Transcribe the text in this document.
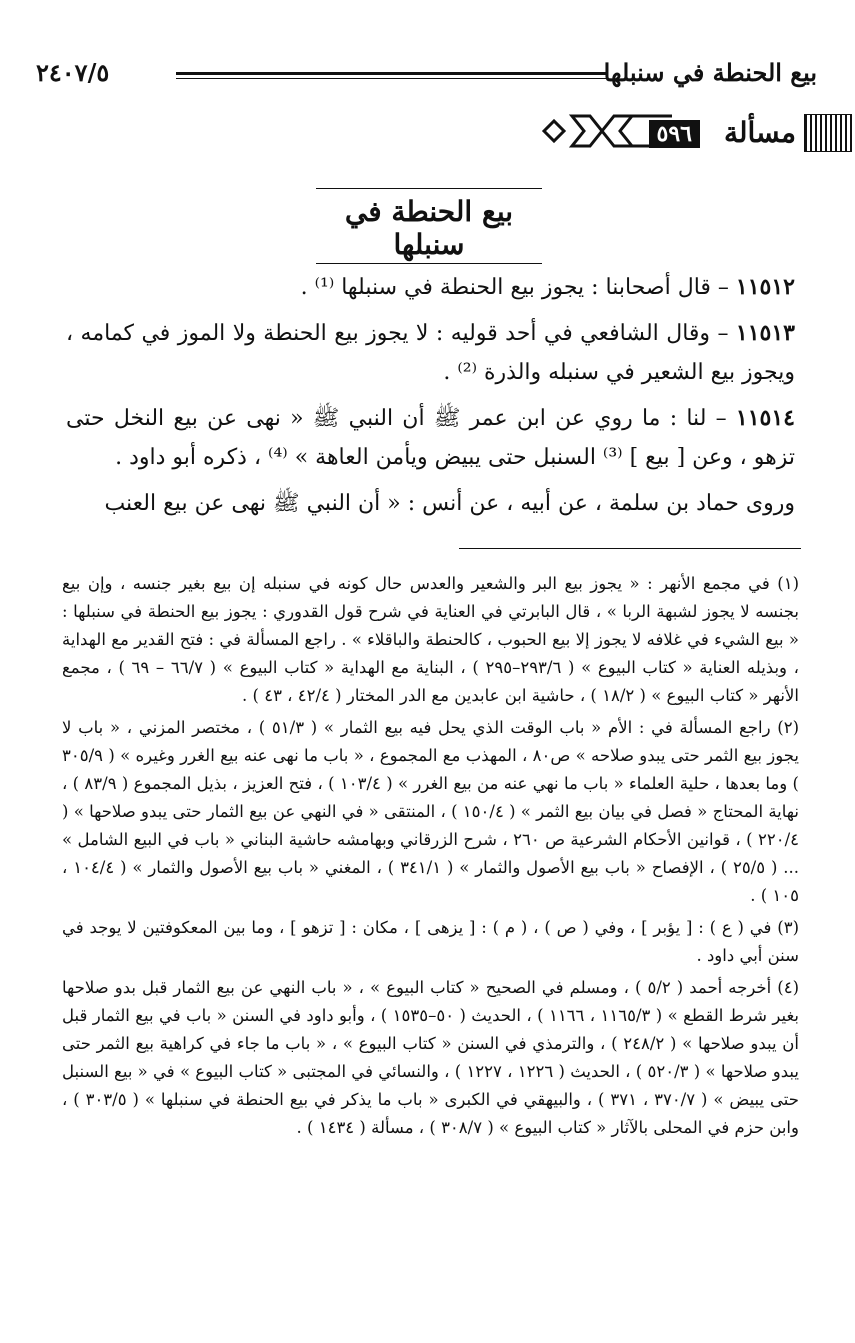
بيع الحنطة في سنبلها
٢٤٠٧/٥
مسألة
٥٩٦
بيع الحنطة في سنبلها

١١٥١٢ – قال أصحابنا : يجوز بيع الحنطة في سنبلها ⁽¹⁾ .

١١٥١٣ – وقال الشافعي في أحد قوليه : لا يجوز بيع الحنطة ولا الموز في كمامه ، ويجوز بيع الشعير في سنبله والذرة ⁽²⁾ .

١١٥١٤ – لنا : ما روي عن ابن عمر ﷺ أن النبي ﷺ « نهى عن بيع النخل حتى تزهو ، وعن [ بيع ] ⁽³⁾ السنبل حتى يبيض ويأمن العاهة » ⁽⁴⁾ ، ذكره أبو داود .

وروى حماد بن سلمة ، عن أبيه ، عن أنس : « أن النبي ﷺ نهى عن بيع العنب

(١) في مجمع الأنهر : « يجوز بيع البر والشعير والعدس حال كونه في سنبله إن بيع بغير جنسه ، وإن بيع بجنسه لا يجوز لشبهة الربا » ، قال البابرتي في العناية في شرح قول القدوري : يجوز بيع الحنطة في سنبلها : « بيع الشيء في غلافه لا يجوز إلا بيع الحبوب ، كالحنطة والباقلاء » . راجع المسألة في : فتح القدير مع الهداية ، وبذيله العناية « كتاب البيوع » ( ٢٩٣/٦–٢٩٥ ) ، البناية مع الهداية « كتاب البيوع » ( ٦٦/٧ – ٦٩ ) ، مجمع الأنهر « كتاب البيوع » ( ١٨/٢ ) ، حاشية ابن عابدين مع الدر المختار ( ٤٢/٤ ، ٤٣ ) .

(٢) راجع المسألة في : الأم « باب الوقت الذي يحل فيه بيع الثمار » ( ٥١/٣ ) ، مختصر المزني ، « باب لا يجوز بيع الثمر حتى يبدو صلاحه » ص٨٠ ، المهذب مع المجموع ، « باب ما نهى عنه بيع الغرر وغيره » ( ٣٠٥/٩ ) وما بعدها ، حلية العلماء « باب ما نهي عنه من بيع الغرر » ( ١٠٣/٤ ) ، فتح العزيز ، بذيل المجموع ( ٨٣/٩ ) ، نهاية المحتاج « فصل في بيان بيع الثمر » ( ١٥٠/٤ ) ، المنتقى « في النهي عن بيع الثمار حتى يبدو صلاحها » ( ٢٢٠/٤ ) ، قوانين الأحكام الشرعية ص ٢٦٠ ، شرح الزرقاني وبهامشه حاشية البناني « باب في البيع الشامل » ... ( ٢٥/٥ ) ، الإفصاح « باب بيع الأصول والثمار » ( ٣٤١/١ ) ، المغني « باب بيع الأصول والثمار » ( ١٠٤/٤ ، ١٠٥ ) .

(٣) في ( ع ) : [ يؤبر ] ، وفي ( ص ) ، ( م ) : [ يزهى ] ، مكان : [ تزهو ] ، وما بين المعكوفتين لا يوجد في سنن أبي داود .

(٤) أخرجه أحمد ( ٥/٢ ) ، ومسلم في الصحيح « كتاب البيوع » ، « باب النهي عن بيع الثمار قبل بدو صلاحها بغير شرط القطع » ( ١١٦٥/٣ ، ١١٦٦ ) ، الحديث ( ٥٠–١٥٣٥ ) ، وأبو داود في السنن « باب في بيع الثمار قبل أن يبدو صلاحها » ( ٢٤٨/٢ ) ، والترمذي في السنن « كتاب البيوع » ، « باب ما جاء في كراهية بيع الثمر حتى يبدو صلاحها » ( ٥٢٠/٣ ) ، الحديث ( ١٢٢٦ ، ١٢٢٧ ) ، والنسائي في المجتبى « كتاب البيوع » في « بيع السنبل حتى يبيض » ( ٣٧٠/٧ ، ٣٧١ ) ، والبيهقي في الكبرى « باب ما يذكر في بيع الحنطة في سنبلها » ( ٣٠٣/٥ ) ، وابن حزم في المحلى بالآثار « كتاب البيوع » ( ٣٠٨/٧ ) ، مسألة ( ١٤٣٤ ) .
